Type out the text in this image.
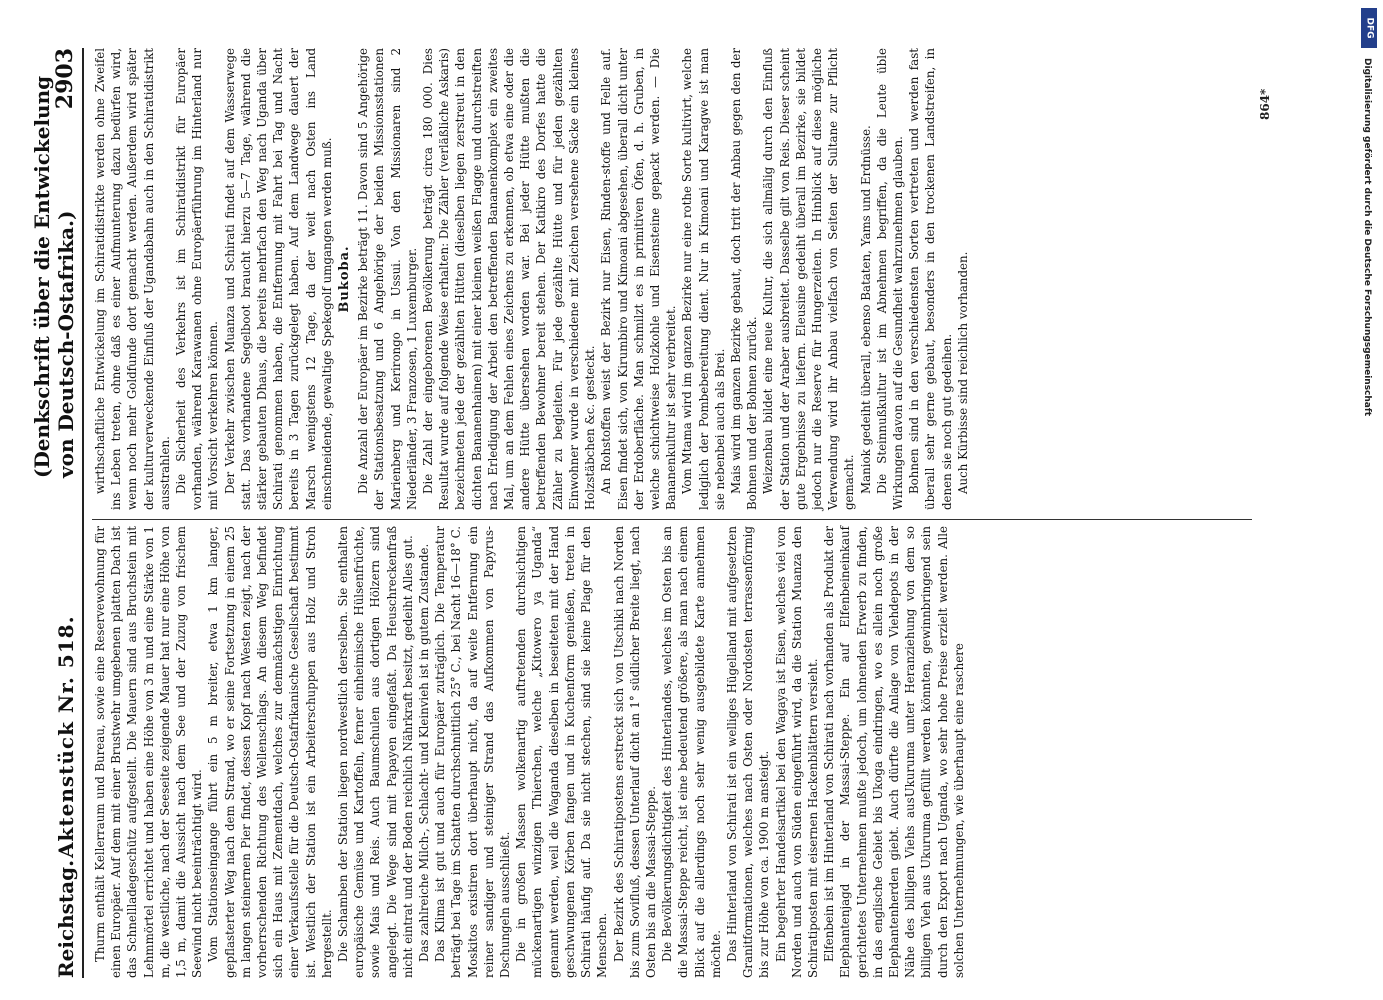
Reichstag.
Aktenstück Nr. 518.
(Denkschrift über die Entwickelung von Deutsch-Ostafrika.)
2903

Thurm enthält Kellerraum und Bureau, sowie eine Reservewohnung für einen Europäer. Auf dem mit einer Brustwehr umgebenen platten Dach ist das Schnellladegeschütz aufgestellt. Die Mauern sind aus Bruchstein mit Lehmmörtel errichtet und haben eine Höhe von 3 m und eine Stärke von 1 m, die westliche, nach der Seeseite zeigende Mauer hat nur eine Höhe von 1,5 m, damit die Aussicht nach dem See und der Zuzug von frischem Seewind nicht beeinträchtigt wird. Vom Stationseingange führt ein 5 m breiter, etwa 1 km langer, gepflasterter Weg nach dem Strand, wo er seine Fortsetzung in einem 25 m langen steinernen Pier findet, dessen Kopf nach Westen zeigt, nach der vorherrschenden Richtung des Wellenschlags. An diesem Weg befindet sich ein Haus mit Zementdach, welches zur demnächstigen Einrichtung einer Verkaufsstelle für die Deutsch-Ostafrikanische Gesellschaft bestimmt ist. Westlich der Station ist ein Arbeiterschuppen aus Holz und Stroh hergestellt. Die Schamben der Station liegen nordwestlich derselben. Sie enthalten europäische Gemüse und Kartoffeln, ferner einheimische Hülsenfrüchte, sowie Mais und Reis. Auch Baumschulen aus dortigen Hölzern sind angelegt. Die Wege sind mit Papayen eingefaßt. Da Heuschreckenfraß nicht eintrat und der Boden reichlich Nährkraft besitzt, gedeiht Alles gut. Das zahlreiche Milch-, Schlacht- und Kleinvieh ist in gutem Zustande. Das Klima ist gut und auch für Europäer zuträglich. Die Temperatur beträgt bei Tage im Schatten durchschnittlich 25° C., bei Nacht 16—18° C. Moskitos existiren dort überhaupt nicht, da auf weite Entfernung ein reiner sandiger und steiniger Strand das Aufkommen von Papyrus-Dschungeln ausschließt. Die in großen Massen wolkenartig auftretenden durchsichtigen mückenartigen winzigen Thierchen, welche „Kitowero ya Uganda“ genannt werden, weil die Waganda dieselben in beseiteten mit der Hand geschwungenen Körben fangen und in Kuchenform genießen, treten in Schirati häufig auf. Da sie nicht stechen, sind sie keine Plage für den Menschen. Der Bezirk des Schiratipostens erstreckt sich von Utschiki nach Norden bis zum Sovifluß, dessen Unterlauf dicht an 1° südlicher Breite liegt, nach Osten bis an die Massai-Steppe. Die Bevölkerungsdichtigkeit des Hinterlandes, welches im Osten bis an die Massai-Steppe reicht, ist eine bedeutend größere, als man nach einem Blick auf die allerdings noch sehr wenig ausgebildete Karte annehmen möchte. Das Hinterland von Schirati ist ein welliges Hügelland mit aufgesetzten Granitformationen, welches nach Osten oder Nordosten terrassenförmig bis zur Höhe von ca. 1900 m ansteigt. Ein begehrter Handelsartikel bei den Wagaya ist Eisen, welches viel von Norden und auch von Süden eingeführt wird, da die Station Muanza den Schiratiposten mit eisernen Hackenblättern versieht. Elfenbein ist im Hinterland von Schirati nach vorhanden als Produkt der Elephantenjagd in der Massai-Steppe. Ein auf Elfenbeineinkauf gerichtetes Unternehmen mußte jedoch, um lohnenden Erwerb zu finden, in das englische Gebiet bis Ukoga eindringen, wo es allein noch große Elephantenherden giebt. Auch dürfte die Anlage von Viehdepots in der Nähe des billigen Viehs ausUkuruma unter Heranziehung von dem so billigen Vieh aus Ukuruma gefüllt werden könnten, gewinnbringend sein durch den Export nach Uganda, wo sehr hohe Preise erzielt werden. Alle solchen Unternehmungen, wie überhaupt eine raschere

wirthschaftliche Entwickelung im Schiratidistrikte werden ohne Zweifel ins Leben treten, ohne daß es einer Aufmunterung dazu bedürfen wird, wenn noch mehr Goldfunde dort gemacht werden. Außerdem wird später der kulturverweckende Einfluß der Ugandabahn auch in den Schiratidistrikt ausstrahlen. Die Sicherheit des Verkehrs ist im Schiratidistrikt für Europäer vorhanden, während Karawanen ohne Europäerführung im Hinterland nur mit Vorsicht verkehren können. Der Verkehr zwischen Muanza und Schirati findet auf dem Wasserwege statt. Das vorhandene Segelboot braucht hierzu 5—7 Tage, während die stärker gebauten Dhaus, die bereits mehrfach den Weg nach Uganda über Schirati genommen haben, die Entfernung mit Fahrt bei Tag und Nacht bereits in 3 Tagen zurückgelegt haben. Auf dem Landwege dauert der Marsch wenigstens 12 Tage, da der weit nach Osten ins Land einschneidende, gewaltige Spekegolf umgangen werden muß. Bukoba. Die Anzahl der Europäer im Bezirke beträgt 11. Davon sind 5 Angehörige der Stationsbesatzung und 6 Angehörige der beiden Missionsstationen Marienberg und Kerirongo in Ussui. Von den Missionaren sind 2 Niederländer, 3 Franzosen, 1 Luxemburger. Die Zahl der eingeborenen Bevölkerung beträgt circa 180 000. Dies Resultat wurde auf folgende Weise erhalten: Die Zähler (verläßliche Askaris) bezeichneten jede der gezählten Hütten (dieselben liegen zerstreut in den dichten Bananenhainen) mit einer kleinen weißen Flagge und durchstreiften nach Erledigung der Arbeit den betreffenden Bananenkomplex ein zweites Mal, um an dem Fehlen eines Zeichens zu erkennen, ob etwa eine oder die andere Hütte übersehen worden war. Bei jeder Hütte mußten die betreffenden Bewohner bereit stehen. Der Katikiro des Dorfes hatte die Zähler zu begleiten. Für jede gezählte Hütte und für jeden gezählten Einwohner wurde in verschiedene mit Zeichen versehene Säcke ein kleines Holzstäbchen &c. gesteckt. An Rohstoffen weist der Bezirk nur Eisen, Rinden-stoffe und Felle auf. Eisen findet sich, von Kirumbiro und Kimoani abgesehen, überall dicht unter der Erdoberfläche. Man schmilzt es in primitiven Öfen, d. h. Gruben, in welche schichtweise Holzkohle und Eisensteine gepackt werden. — Die Bananenkultur ist sehr verbreitet. Vom Mtama wird im ganzen Bezirke nur eine rothe Sorte kultivirt, welche lediglich der Pombebereitung dient. Nur in Kimoani und Karagwe ist man sie nebenbei auch als Brei. Mais wird im ganzen Bezirke gebaut, doch tritt der Anbau gegen den der Bohnen und der Bohnen zurück. Weizenbau bildet eine neue Kultur, die sich allmälig durch den Einfluß der Station und der Araber ausbreitet. Dasselbe gilt von Reis. Dieser scheint gute Ergebnisse zu liefern. Eleusine gedeiht überall im Bezirke, sie bildet jedoch nur die Reserve für Hungerzeiten. In Hinblick auf diese mögliche Verwendung wird ihr Anbau vielfach von Seiten der Sultane zur Pflicht gemacht. Maniok gedeiht überall, ebenso Bataten, Yams und Erdnüsse. Die Steinnußkultur ist im Abnehmen begriffen, da die Leute üble Wirkungen davon auf die Gesundheit wahrzunehmen glauben. Bohnen sind in den verschiedensten Sorten vertreten und werden fast überall sehr gerne gebaut, besonders in den trockenen Landstreifen, in denen sie noch gut gedeihen. Auch Kürbisse sind reichlich vorhanden.

864*
DFG
Digitalisierung gefördert durch die Deutsche Forschungsgemeinschaft
